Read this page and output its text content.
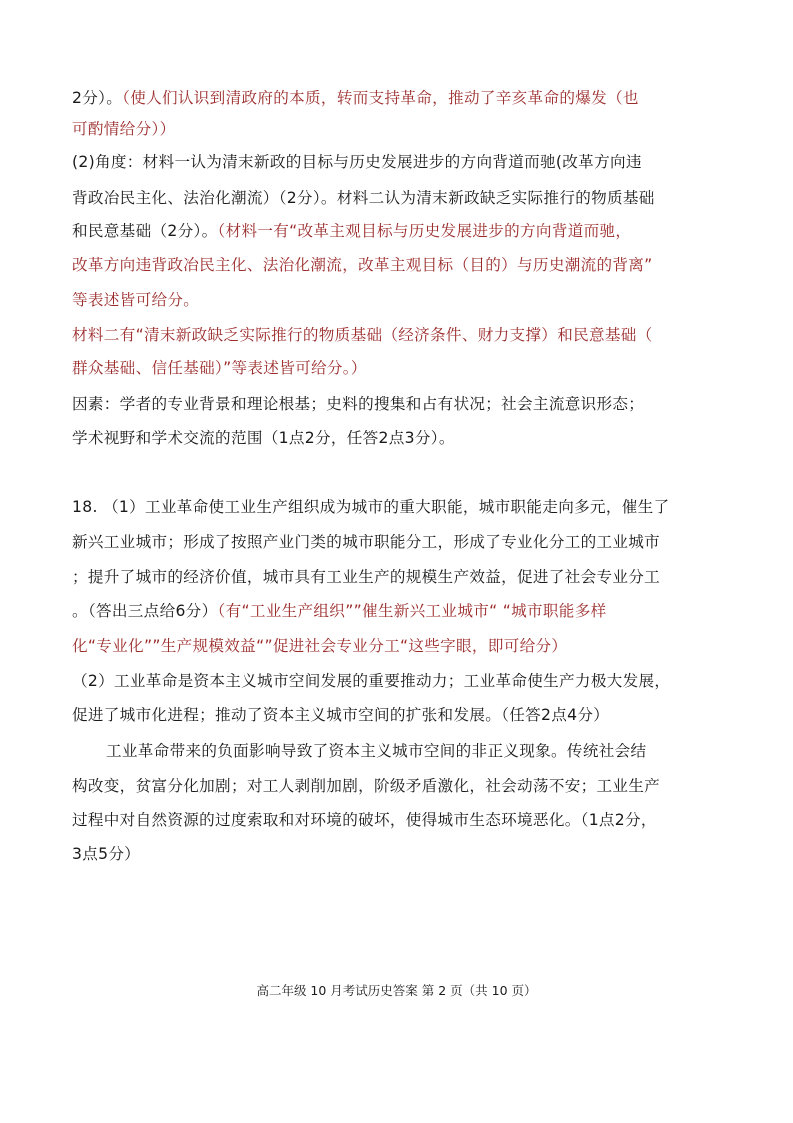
2分）。（使人们认识到清政府的本质，转而支持革命，推动了辛亥革命的爆发（也
可酌情给分））
(2)角度：材料一认为清末新政的目标与历史发展进步的方向背道而驰(改革方向违
背政冶民主化、法治化潮流）（2分）。材料二认为清末新政缺乏实际推行的物质基础
和民意基础（2分）。（材料一有“改革主观目标与历史发展进步的方向背道而驰，
改革方向违背政冶民主化、法治化潮流，改革主观目标（目的）与历史潮流的背离”
等表述皆可给分。
材料二有“清末新政缺乏实际推行的物质基础（经济条件、财力支撑）和民意基础（
群众基础、信任基础）”等表述皆可给分。）
因素：学者的专业背景和理论根基；史料的搜集和占有状况；社会主流意识形态；
学术视野和学术交流的范围（1点2分，任答2点3分）。
18. （1）工业革命使工业生产组织成为城市的重大职能，城市职能走向多元，催生了
新兴工业城市；形成了按照产业门类的城市职能分工，形成了专业化分工的工业城市
；提升了城市的经济价值，城市具有工业生产的规模生产效益，促进了社会专业分工
。（答出三点给6分）（有“工业生产组织””催生新兴工业城市“ “城市职能多样
化“专业化””生产规模效益“”促进社会专业分工“这些字眼，即可给分）
（2）工业革命是资本主义城市空间发展的重要推动力；工业革命使生产力极大发展，
促进了城市化进程；推动了资本主义城市空间的扩张和发展。（任答2点4分）
工业革命带来的负面影响导致了资本主义城市空间的非正义现象。传统社会结
构改变，贫富分化加剧；对工人剥削加剧，阶级矛盾激化，社会动荡不安；工业生产
过程中对自然资源的过度索取和对环境的破坏，使得城市生态环境恶化。（1点2分，
3点5分）
高二年级 10 月考试历史答案 第 2 页（共 10 页）
